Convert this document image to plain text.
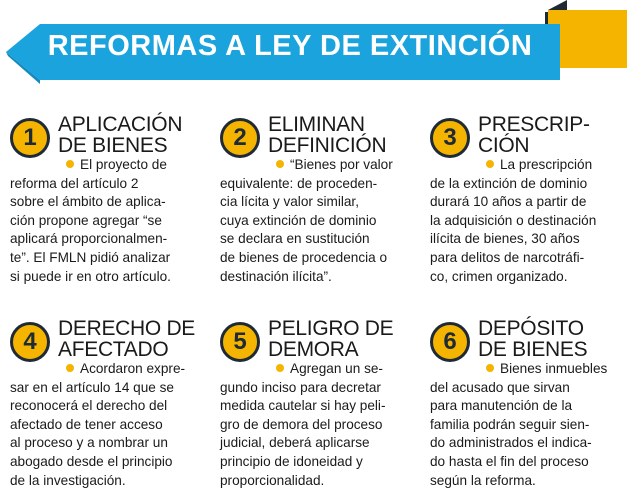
REFORMAS A LEY DE EXTINCIÓN
1	APLICACIÓN
DE BIENES
El proyecto de
reforma del artículo 2
sobre el ámbito de aplica-
ción propone agregar “se
aplicará proporcionalmen-
te”. El FMLN pidió analizar
si puede ir en otro artículo.
2	ELIMINAN
DEFINICIÓN
“Bienes por valor
equivalente: de proceden-
cia lícita y valor similar,
cuya extinción de dominio
se declara en sustitución
de bienes de procedencia o
destinación ilícita”.
3	PRESCRIP-
CIÓN
La prescripción
de la extinción de dominio
durará 10 años a partir de
la adquisición o destinación
ilícita de bienes, 30 años
para delitos de narcotráfi-
co, crimen organizado.
4	DERECHO DE
AFECTADO
Acordaron expre-
sar en el artículo 14 que se
reconocerá el derecho del
afectado de tener acceso
al proceso y a nombrar un
abogado desde el principio
de la investigación.
5	PELIGRO DE
DEMORA
Agregan un se-
gundo inciso para decretar
medida cautelar si hay peli-
gro de demora del proceso
judicial, deberá aplicarse
principio de idoneidad y
proporcionalidad.
6	DEPÓSITO
DE BIENES
Bienes inmuebles
del acusado que sirvan
para manutención de la
familia podrán seguir sien-
do administrados el indica-
do hasta el fin del proceso
según la reforma.
